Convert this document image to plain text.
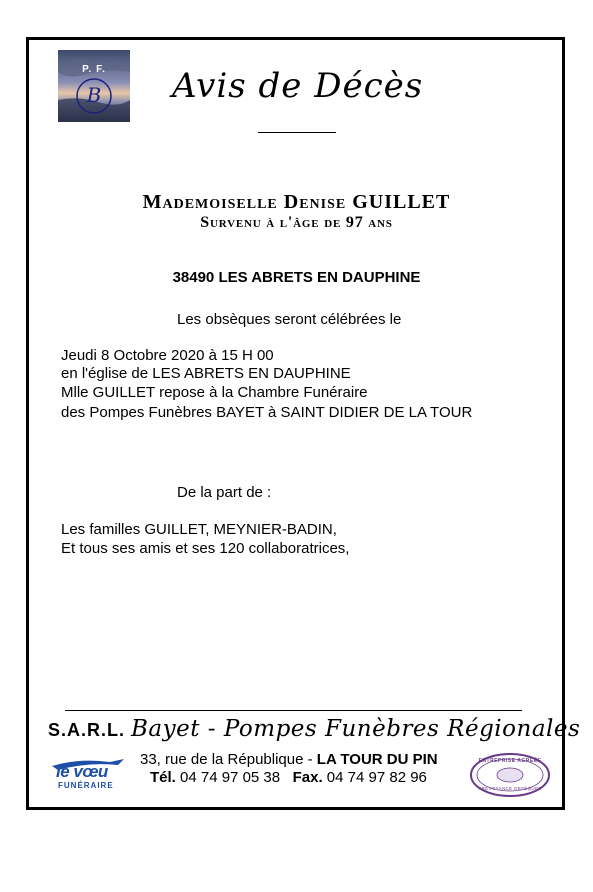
P. F.
B	Avis de Décès
Mademoiselle Denise GUILLET
Survenu à l'âge de 97 ans
38490 LES ABRETS EN DAUPHINE
Les obsèques seront célébrées le
Jeudi 8 Octobre 2020 à 15 H 00
en l'église de LES ABRETS EN DAUPHINE
Mlle GUILLET repose à la Chambre Funéraire
des Pompes Funèbres BAYET à SAINT DIDIER DE LA TOUR
De la part de :
Les familles GUILLET, MEYNIER-BADIN,
Et tous ses amis et ses 120 collaboratrices,
S.A.R.L. Bayet - Pompes Funèbres Régionales
33, rue de la République - LA TOUR DU PIN
Tél. 04 74 97 05 38   Fax. 04 74 97 82 96
le vœu
FUNÉRAIRE
ENTREPRISE AGRÉÉE
PRÉVOYANCE OBSÈQUES
